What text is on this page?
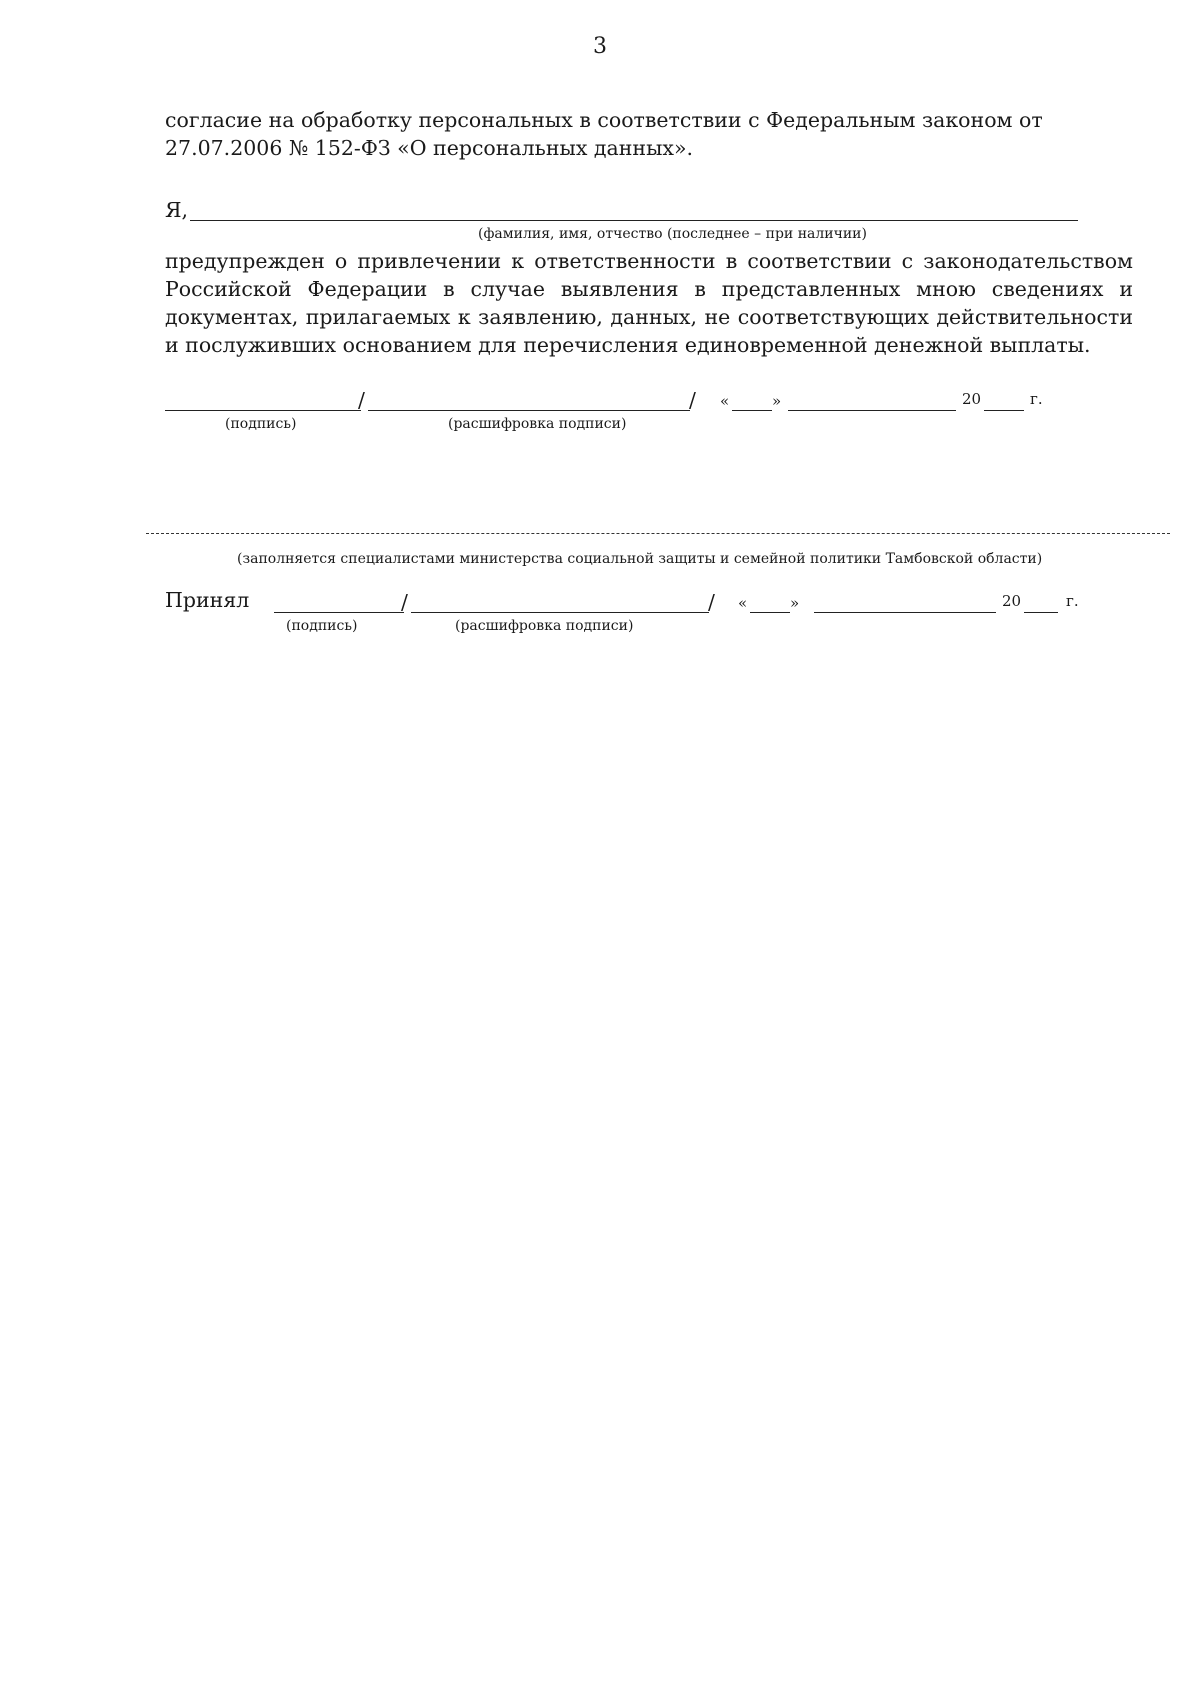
3
согласие на обработку персональных в соответствии с Федеральным законом от 27.07.2006 № 152-ФЗ «О персональных данных».
Я,
(фамилия, имя, отчество (последнее – при наличии)
предупрежден о привлечении к ответственности в соответствии с законодательством Российской Федерации в случае выявления в представленных мною сведениях и документах, прилагаемых к заявлению, данных, не соответствующих действительности и послуживших основанием для перечисления единовременной денежной выплаты.
/	/ «	»	20	г.
(подпись)	(расшифровка подписи)
(заполняется специалистами министерства социальной защиты и семейной политики Тамбовской области)
Принял	/	/ «	»	20	г.
(подпись)	(расшифровка подписи)
